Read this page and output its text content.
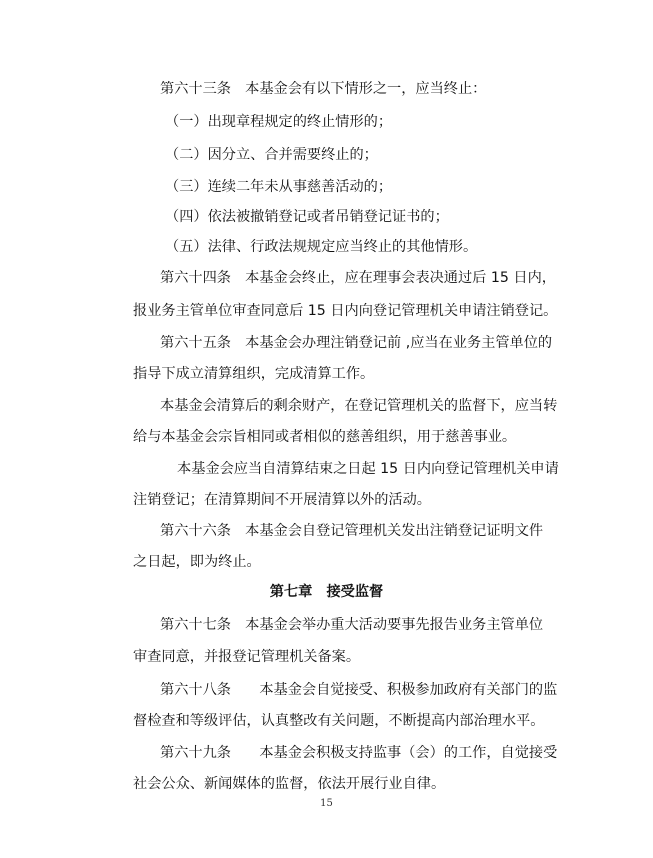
第六十三条　本基金会有以下情形之一，应当终止：
（一）出现章程规定的终止情形的；
（二）因分立、合并需要终止的；
（三）连续二年未从事慈善活动的；
（四）依法被撤销登记或者吊销登记证书的；
（五）法律、行政法规规定应当终止的其他情形。
第六十四条　本基金会终止，应在理事会表决通过后 15 日内，
报业务主管单位审查同意后 15 日内向登记管理机关申请注销登记。
第六十五条　本基金会办理注销登记前 ,应当在业务主管单位的
指导下成立清算组织，完成清算工作。
本基金会清算后的剩余财产，在登记管理机关的监督下，应当转
给与本基金会宗旨相同或者相似的慈善组织，用于慈善事业。
本基金会应当自清算结束之日起 15 日内向登记管理机关申请
注销登记；在清算期间不开展清算以外的活动。
第六十六条　本基金会自登记管理机关发出注销登记证明文件
之日起，即为终止。
第七章　接受监督
第六十七条　本基金会举办重大活动要事先报告业务主管单位
审查同意，并报登记管理机关备案。
第六十八条　　本基金会自觉接受、积极参加政府有关部门的监
督检查和等级评估，认真整改有关问题，不断提高内部治理水平。
第六十九条　　本基金会积极支持监事（会）的工作，自觉接受
社会公众、新闻媒体的监督，依法开展行业自律。
15
